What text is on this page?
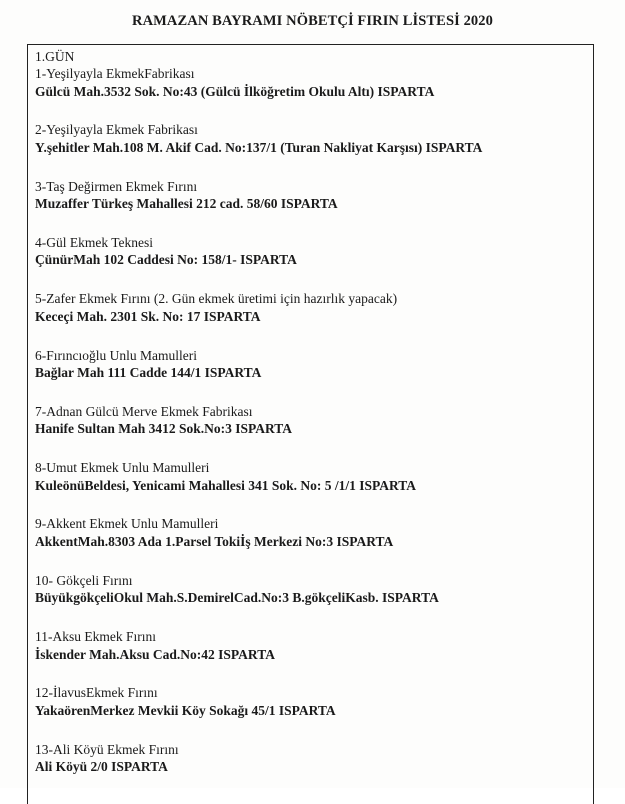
RAMAZAN BAYRAMI NÖBETÇİ FIRIN LİSTESİ 2020
1.GÜN
1-Yeşilyayla EkmekFabrikası
Gülcü Mah.3532 Sok. No:43 (Gülcü İlköğretim Okulu Altı) ISPARTA
2-Yeşilyayla Ekmek Fabrikası
Y.şehitler Mah.108 M. Akif Cad. No:137/1 (Turan Nakliyat Karşısı) ISPARTA
3-Taş Değirmen Ekmek Fırını
Muzaffer Türkeş Mahallesi 212 cad. 58/60 ISPARTA
4-Gül Ekmek Teknesi
ÇünürMah 102 Caddesi No: 158/1- ISPARTA
5-Zafer Ekmek Fırını (2. Gün ekmek üretimi için hazırlık yapacak)
Keceçi Mah. 2301 Sk. No: 17 ISPARTA
6-Fırıncıoğlu Unlu Mamulleri
Bağlar Mah 111 Cadde 144/1 ISPARTA
7-Adnan Gülcü Merve Ekmek Fabrikası
Hanife Sultan Mah 3412 Sok.No:3 ISPARTA
8-Umut Ekmek Unlu Mamulleri
KuleönüBeldesi, Yenicami Mahallesi 341 Sok. No: 5 /1/1 ISPARTA
9-Akkent Ekmek Unlu Mamulleri
AkkentMah.8303 Ada 1.Parsel Tokiİş Merkezi No:3 ISPARTA
10- Gökçeli Fırını
BüyükgökçeliOkul Mah.S.DemirelCad.No:3 B.gökçeliKasb. ISPARTA
11-Aksu Ekmek Fırını
İskender Mah.Aksu Cad.No:42 ISPARTA
12-İlavusEkmek Fırını
YakaörenMerkez Mevkii Köy Sokağı 45/1 ISPARTA
13-Ali Köyü Ekmek Fırını
Ali Köyü 2/0 ISPARTA
